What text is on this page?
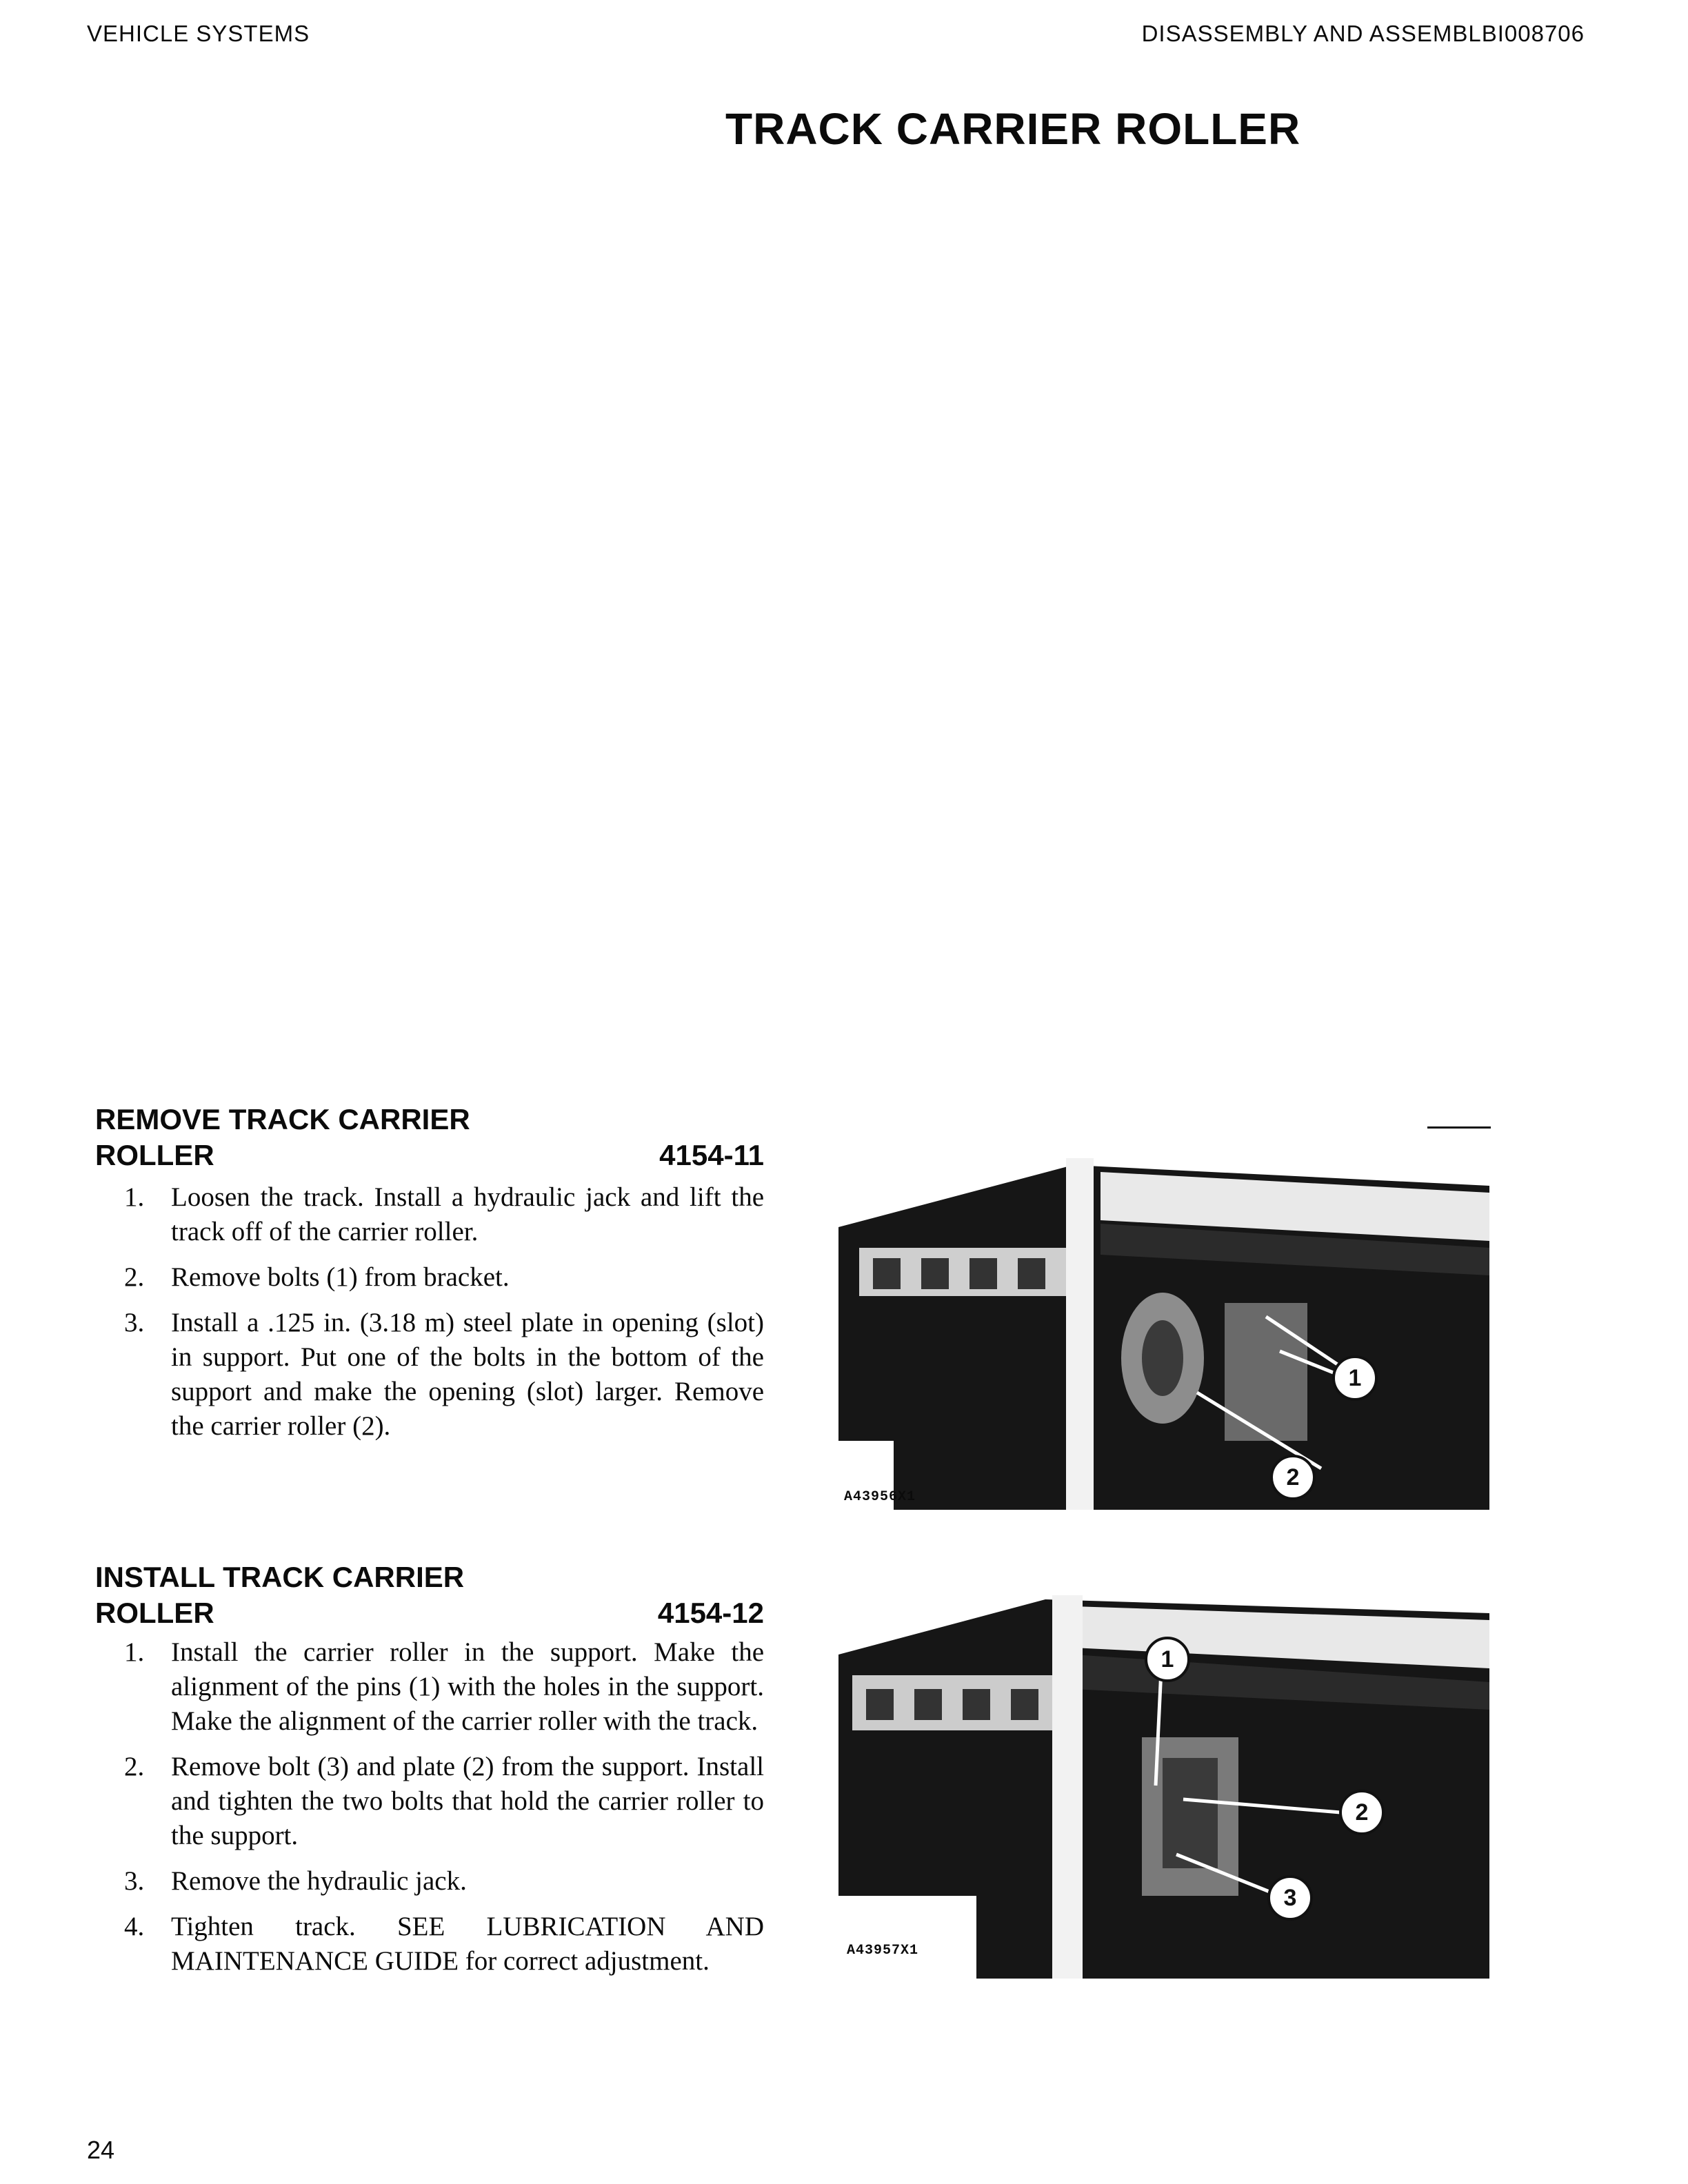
VEHICLE SYSTEMS	DISASSEMBLY AND ASSEMBLBI008706
TRACK CARRIER ROLLER
REMOVE TRACK CARRIER
ROLLER	4154-11
1. Loosen the track. Install a hydraulic jack and lift the track off of the carrier roller.
2. Remove bolts (1) from bracket.
3. Install a .125 in. (3.18 m) steel plate in opening (slot) in support. Put one of the bolts in the bottom of the support and make the opening (slot) larger. Remove the carrier roller (2).
1
2
A43956X1
INSTALL TRACK CARRIER
ROLLER	4154-12
1. Install the carrier roller in the support. Make the alignment of the pins (1) with the holes in the support. Make the alignment of the carrier roller with the track.
2. Remove bolt (3) and plate (2) from the support. Install and tighten the two bolts that hold the carrier roller to the support.
3. Remove the hydraulic jack.
4. Tighten track. SEE LUBRICATION AND MAINTENANCE GUIDE for correct adjustment.
1
2
3
A43957X1
24
